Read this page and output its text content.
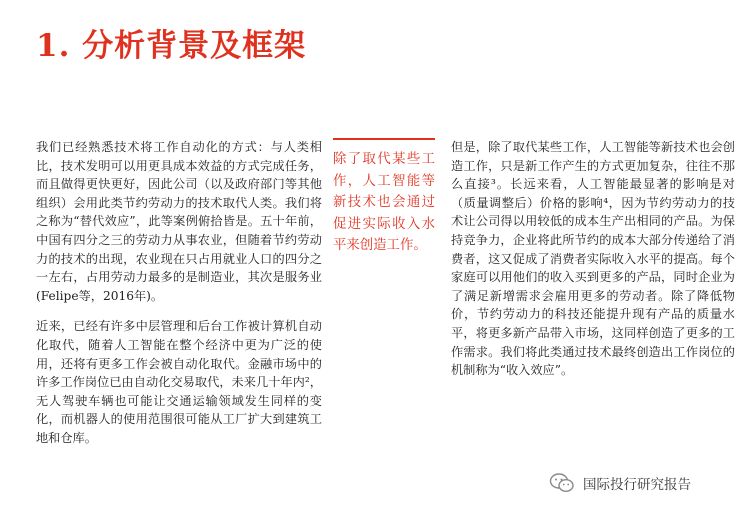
1. 分析背景及框架

我们已经熟悉技术将工作自动化的方式：与人类相比，技术发明可以用更具成本效益的方式完成任务，而且做得更快更好，因此公司（以及政府部门等其他组织）会用此类节约劳动力的技术取代人类。我们将之称为“替代效应”，此等案例俯拾皆是。五十年前，中国有四分之三的劳动力从事农业，但随着节约劳动力的技术的出现，农业现在只占用就业人口的四分之一左右，占用劳动力最多的是制造业，其次是服务业(Felipe等，2016年)。

近来，已经有许多中层管理和后台工作被计算机自动化取代，随着人工智能在整个经济中更为广泛的使用，还将有更多工作会被自动化取代。金融市场中的许多工作岗位已由自动化交易取代，未来几十年内²，无人驾驶车辆也可能让交通运输领域发生同样的变化，而机器人的使用范围很可能从工厂扩大到建筑工地和仓库。

除了取代某些工作，人工智能等新技术也会通过促进实际收入水平来创造工作。

但是，除了取代某些工作，人工智能等新技术也会创造工作，只是新工作产生的方式更加复杂，往往不那么直接³。长远来看，人工智能最显著的影响是对（质量调整后）价格的影响⁴，因为节约劳动力的技术让公司得以用较低的成本生产出相同的产品。为保持竞争力，企业将此所节约的成本大部分传递给了消费者，这又促成了消费者实际收入水平的提高。每个家庭可以用他们的收入买到更多的产品，同时企业为了满足新增需求会雇用更多的劳动者。除了降低物价，节约劳动力的科技还能提升现有产品的质量水平，将更多新产品带入市场，这同样创造了更多的工作需求。我们将此类通过技术最终创造出工作岗位的机制称为“收入效应”。

国际投行研究报告
